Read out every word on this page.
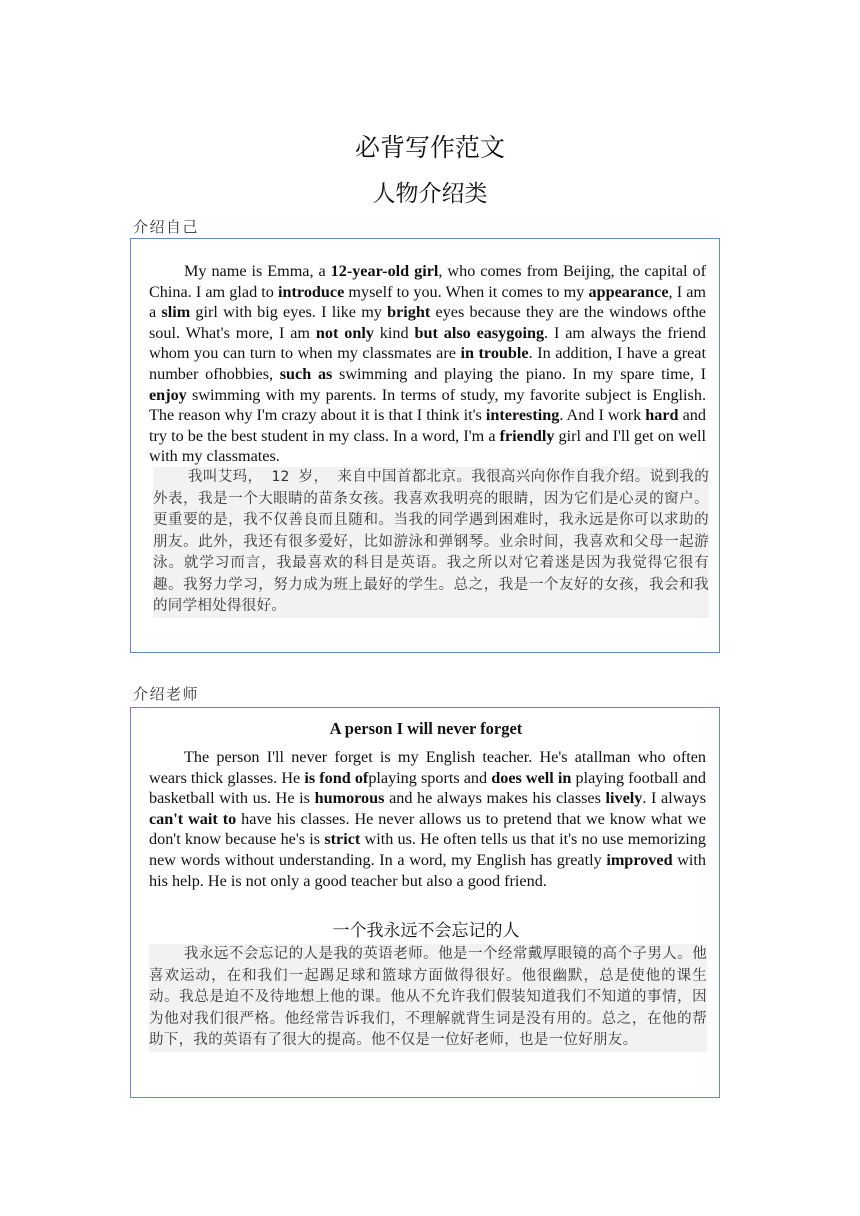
必背写作范文
人物介绍类
介绍自己

My name is Emma, a 12-year-old girl, who comes from Beijing, the capital of China. I am glad to introduce myself to you. When it comes to my appearance, I am a slim girl with big eyes. I like my bright eyes because they are the windows ofthe soul. What's more, I am not only kind but also easygoing. I am always the friend whom you can turn to when my classmates are in trouble. In addition, I have a great number ofhobbies, such as swimming and playing the piano. In my spare time, I enjoy swimming with my parents. In terms of study, my favorite subject is English. The reason why I'm crazy about it is that I think it's interesting. And I work hard and try to be the best student in my class. In a word, I'm a friendly girl and I'll get on well with my classmates.

我叫艾玛， 12 岁， 来自中国首都北京。我很高兴向你作自我介绍。说到我的外表，我是一个大眼睛的苗条女孩。我喜欢我明亮的眼睛，因为它们是心灵的窗户。更重要的是，我不仅善良而且随和。当我的同学遇到困难时，我永远是你可以求助的朋友。此外，我还有很多爱好，比如游泳和弹钢琴。业余时间，我喜欢和父母一起游泳。就学习而言，我最喜欢的科目是英语。我之所以对它着迷是因为我觉得它很有趣。我努力学习，努力成为班上最好的学生。总之，我是一个友好的女孩，我会和我的同学相处得很好。

介绍老师
A person I will never forget

The person I'll never forget is my English teacher. He's atallman who often wears thick glasses. He is fond ofplaying sports and does well in playing football and basketball with us. He is humorous and he always makes his classes lively. I always can't wait to have his classes. He never allows us to pretend that we know what we don't know because he's is strict with us. He often tells us that it's no use memorizing new words without understanding. In a word, my English has greatly improved with his help. He is not only a good teacher but also a good friend.

一个我永远不会忘记的人

我永远不会忘记的人是我的英语老师。他是一个经常戴厚眼镜的高个子男人。他喜欢运动，在和我们一起踢足球和篮球方面做得很好。他很幽默，总是使他的课生动。我总是迫不及待地想上他的课。他从不允许我们假装知道我们不知道的事情，因为他对我们很严格。他经常告诉我们，不理解就背生词是没有用的。总之，在他的帮助下，我的英语有了很大的提高。他不仅是一位好老师，也是一位好朋友。
